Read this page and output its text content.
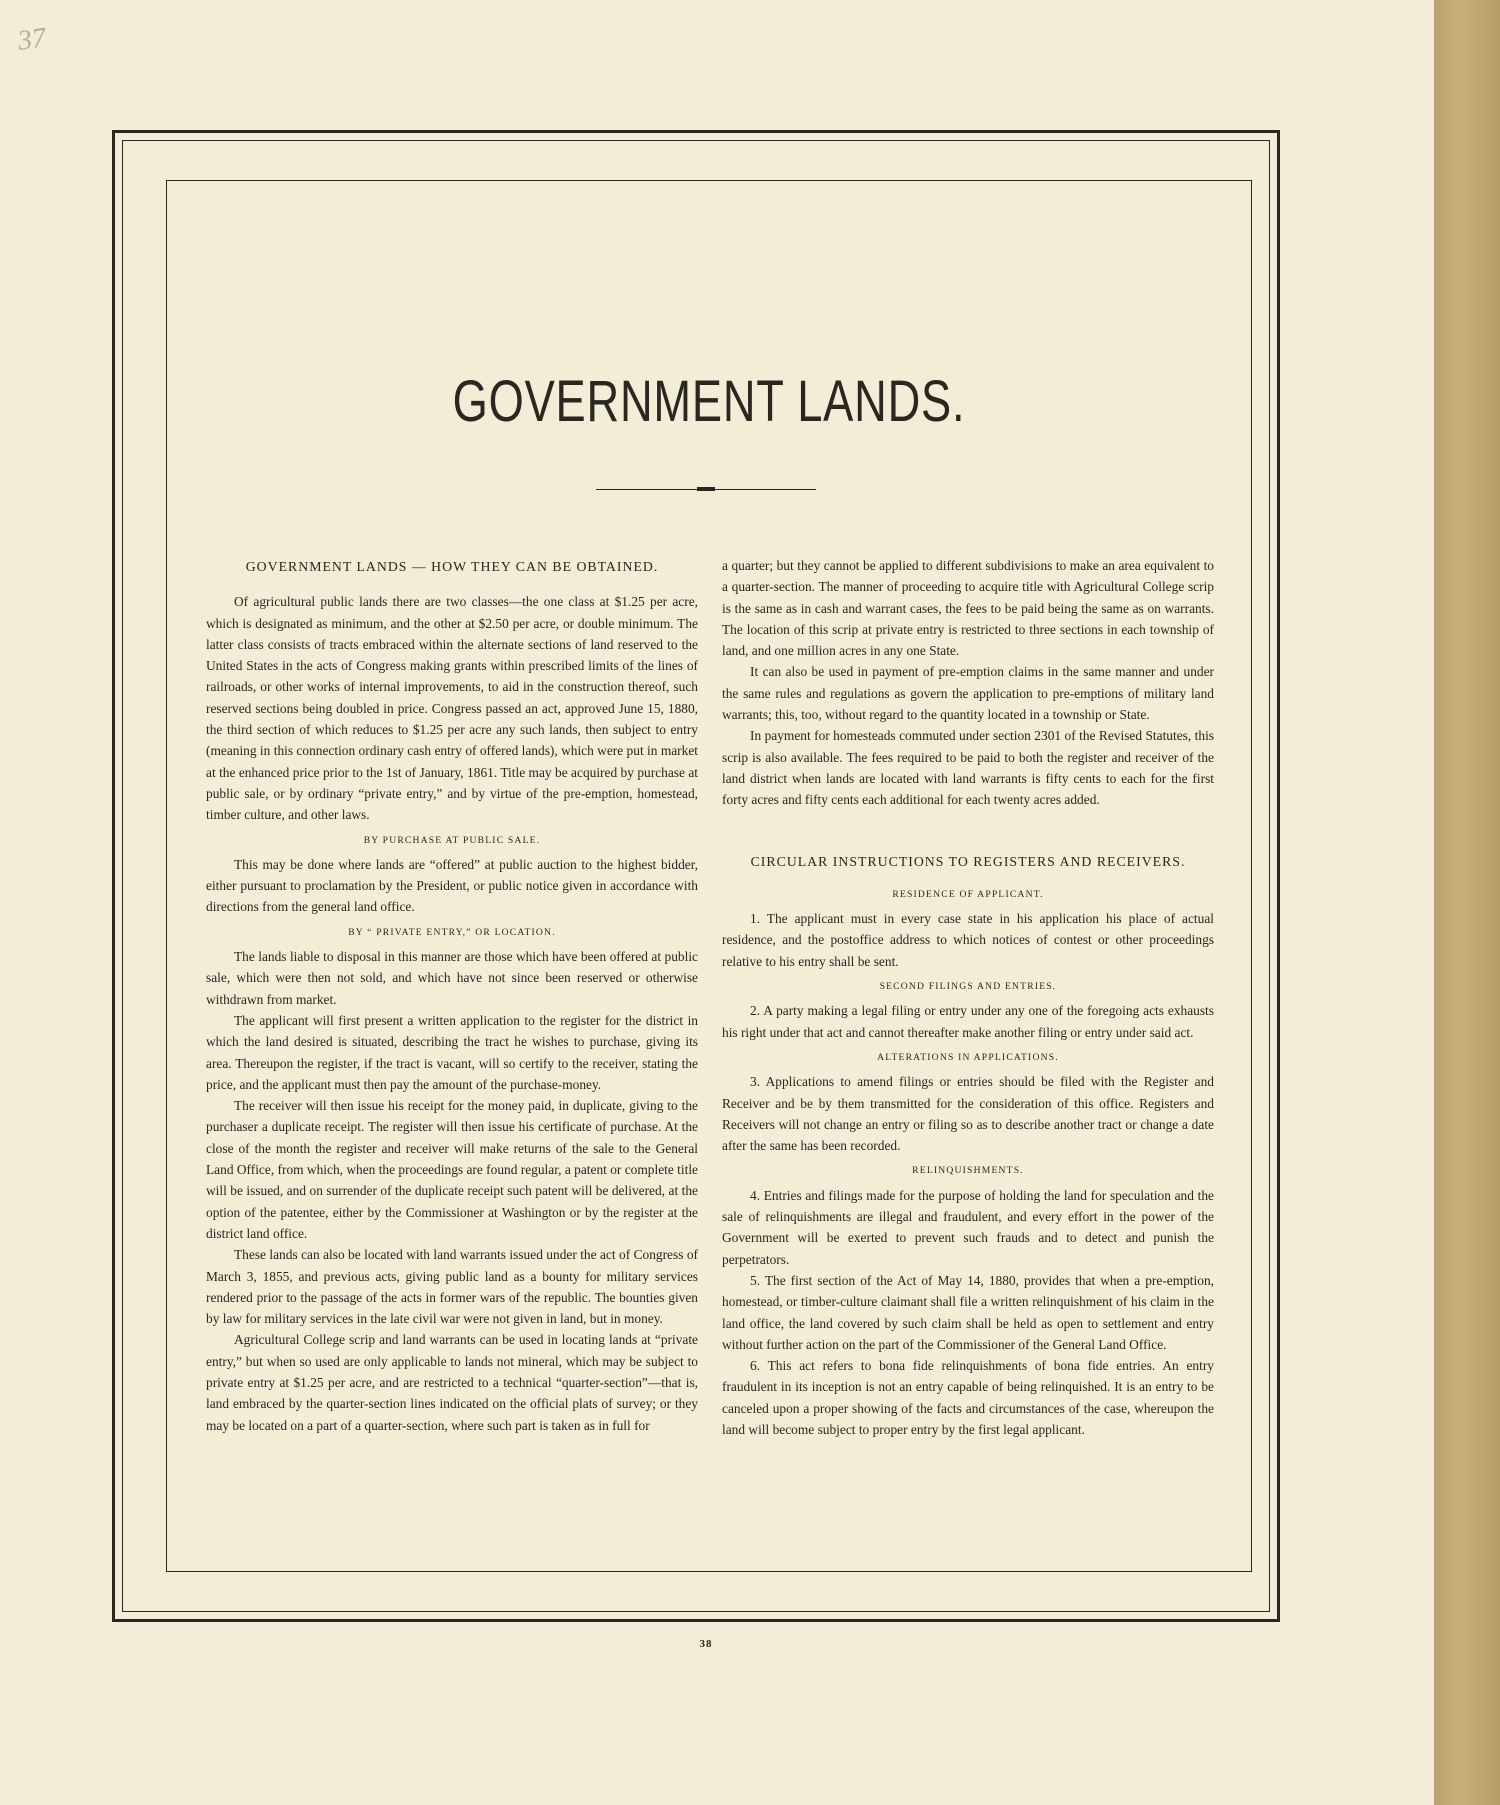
37
GOVERNMENT LANDS.
GOVERNMENT LANDS — HOW THEY CAN BE OBTAINED.

Of agricultural public lands there are two classes—the one class at $1.25 per acre, which is designated as minimum, and the other at $2.50 per acre, or double minimum. The latter class consists of tracts embraced within the alternate sections of land reserved to the United States in the acts of Congress making grants within prescribed limits of the lines of railroads, or other works of internal improvements, to aid in the construction thereof, such reserved sections being doubled in price. Congress passed an act, approved June 15, 1880, the third section of which reduces to $1.25 per acre any such lands, then subject to entry (meaning in this connection ordinary cash entry of offered lands), which were put in market at the enhanced price prior to the 1st of January, 1861. Title may be acquired by purchase at public sale, or by ordinary “private entry,” and by virtue of the pre-emption, homestead, timber culture, and other laws.

BY PURCHASE AT PUBLIC SALE.

This may be done where lands are “offered” at public auction to the highest bidder, either pursuant to proclamation by the President, or public notice given in accordance with directions from the general land office.

BY “ PRIVATE ENTRY,” OR LOCATION.

The lands liable to disposal in this manner are those which have been offered at public sale, which were then not sold, and which have not since been reserved or otherwise withdrawn from market.

The applicant will first present a written application to the register for the district in which the land desired is situated, describing the tract he wishes to purchase, giving its area. Thereupon the register, if the tract is vacant, will so certify to the receiver, stating the price, and the applicant must then pay the amount of the purchase-money.

The receiver will then issue his receipt for the money paid, in duplicate, giving to the purchaser a duplicate receipt. The register will then issue his certificate of purchase. At the close of the month the register and receiver will make returns of the sale to the General Land Office, from which, when the proceedings are found regular, a patent or complete title will be issued, and on surrender of the duplicate receipt such patent will be delivered, at the option of the patentee, either by the Commissioner at Washington or by the register at the district land office.

These lands can also be located with land warrants issued under the act of Congress of March 3, 1855, and previous acts, giving public land as a bounty for military services rendered prior to the passage of the acts in former wars of the republic. The bounties given by law for military services in the late civil war were not given in land, but in money.

Agricultural College scrip and land warrants can be used in locating lands at “private entry,” but when so used are only applicable to lands not mineral, which may be subject to private entry at $1.25 per acre, and are restricted to a technical “quarter-section”—that is, land embraced by the quarter-section lines indicated on the official plats of survey; or they may be located on a part of a quarter-section, where such part is taken as in full for

a quarter; but they cannot be applied to different subdivisions to make an area equivalent to a quarter-section. The manner of proceeding to acquire title with Agricultural College scrip is the same as in cash and warrant cases, the fees to be paid being the same as on warrants. The location of this scrip at private entry is restricted to three sections in each township of land, and one million acres in any one State.

It can also be used in payment of pre-emption claims in the same manner and under the same rules and regulations as govern the application to pre-emptions of military land warrants; this, too, without regard to the quantity located in a township or State.

In payment for homesteads commuted under section 2301 of the Revised Statutes, this scrip is also available. The fees required to be paid to both the register and receiver of the land district when lands are located with land warrants is fifty cents to each for the first forty acres and fifty cents each additional for each twenty acres added.

CIRCULAR INSTRUCTIONS TO REGISTERS AND RECEIVERS.
RESIDENCE OF APPLICANT.

1. The applicant must in every case state in his application his place of actual residence, and the postoffice address to which notices of contest or other proceedings relative to his entry shall be sent.

SECOND FILINGS AND ENTRIES.

2. A party making a legal filing or entry under any one of the foregoing acts exhausts his right under that act and cannot thereafter make another filing or entry under said act.

ALTERATIONS IN APPLICATIONS.

3. Applications to amend filings or entries should be filed with the Register and Receiver and be by them transmitted for the consideration of this office. Registers and Receivers will not change an entry or filing so as to describe another tract or change a date after the same has been recorded.

RELINQUISHMENTS.

4. Entries and filings made for the purpose of holding the land for speculation and the sale of relinquishments are illegal and fraudulent, and every effort in the power of the Government will be exerted to prevent such frauds and to detect and punish the perpetrators.

5. The first section of the Act of May 14, 1880, provides that when a pre-emption, homestead, or timber-culture claimant shall file a written relinquishment of his claim in the land office, the land covered by such claim shall be held as open to settlement and entry without further action on the part of the Commissioner of the General Land Office.

6. This act refers to bona fide relinquishments of bona fide entries. An entry fraudulent in its inception is not an entry capable of being relinquished. It is an entry to be canceled upon a proper showing of the facts and circumstances of the case, whereupon the land will become subject to proper entry by the first legal applicant.

38
